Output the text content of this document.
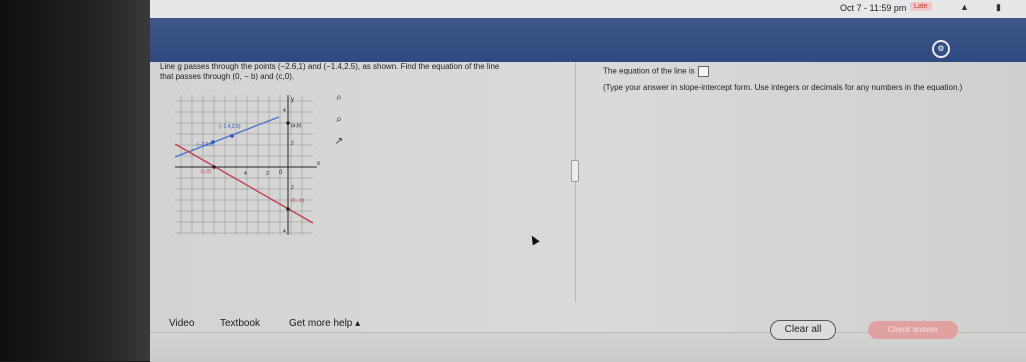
Oct 7 - 11:59 pm	Late	▲	▮
⚙
Line g passes through the points (−2.6,1) and (−1.4,2.5), as shown. Find the equation of the line
that passes through (0, − b) and (c,0).
y
x
(−1.4,2.5)
(−2.6,1)
(a,b)
(c,0)
(0,−b)
4
2
4	2 0
2
4
⌕
⌕
↗
The equation of the line is
(Type your answer in slope-intercept form. Use integers or decimals for any numbers in the equation.)
Video	Textbook	Get more help ▴
Clear all	Check answer
